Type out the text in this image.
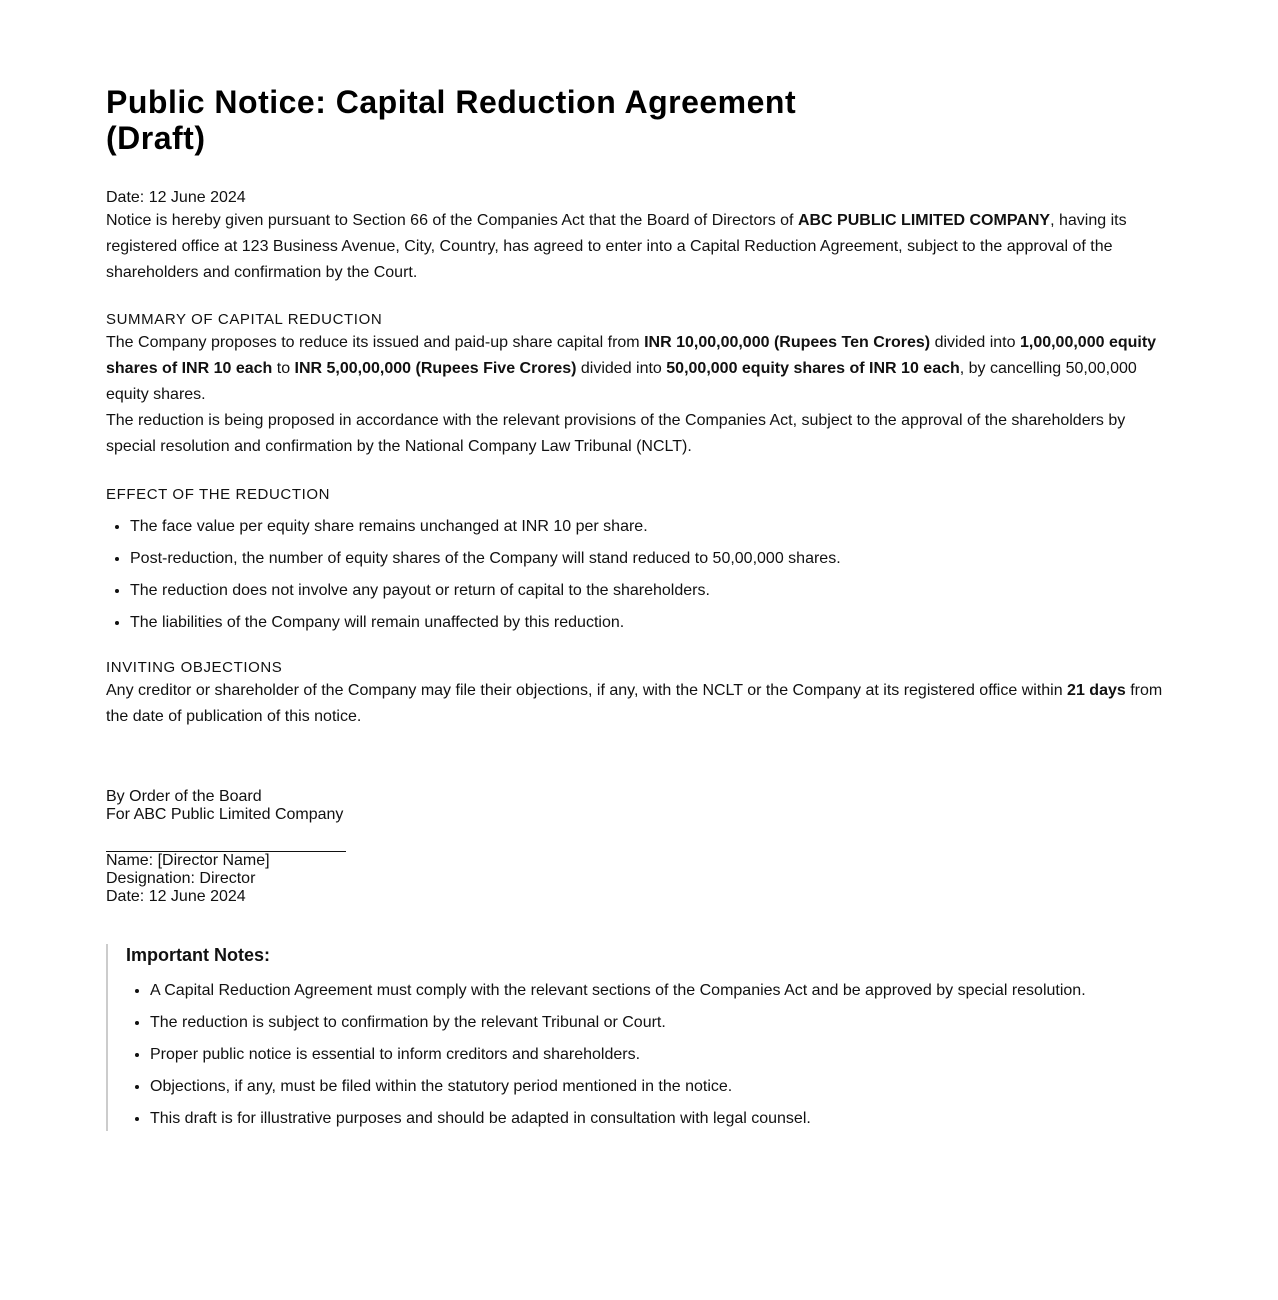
Public Notice: Capital Reduction Agreement
(Draft)
Date: 12 June 2024

Notice is hereby given pursuant to Section 66 of the Companies Act that the Board of Directors of ABC PUBLIC LIMITED COMPANY, having its registered office at 123 Business Avenue, City, Country, has agreed to enter into a Capital Reduction Agreement, subject to the approval of the shareholders and confirmation by the Court.

SUMMARY OF CAPITAL REDUCTION

The Company proposes to reduce its issued and paid-up share capital from INR 10,00,00,000 (Rupees Ten Crores) divided into 1,00,00,000 equity shares of INR 10 each to INR 5,00,00,000 (Rupees Five Crores) divided into 50,00,000 equity shares of INR 10 each, by cancelling 50,00,000 equity shares.

The reduction is being proposed in accordance with the relevant provisions of the Companies Act, subject to the approval of the shareholders by special resolution and confirmation by the National Company Law Tribunal (NCLT).

EFFECT OF THE REDUCTION
• The face value per equity share remains unchanged at INR 10 per share.
• Post-reduction, the number of equity shares of the Company will stand reduced to 50,00,000 shares.
• The reduction does not involve any payout or return of capital to the shareholders.
• The liabilities of the Company will remain unaffected by this reduction.
INVITING OBJECTIONS

Any creditor or shareholder of the Company may file their objections, if any, with the NCLT or the Company at its registered office within 21 days from the date of publication of this notice.

By Order of the Board
For ABC Public Limited Company
Name: [Director Name]
Designation: Director
Date: 12 June 2024
Important Notes:
• A Capital Reduction Agreement must comply with the relevant sections of the Companies Act and be approved by special resolution.
• The reduction is subject to confirmation by the relevant Tribunal or Court.
• Proper public notice is essential to inform creditors and shareholders.
• Objections, if any, must be filed within the statutory period mentioned in the notice.
• This draft is for illustrative purposes and should be adapted in consultation with legal counsel.
